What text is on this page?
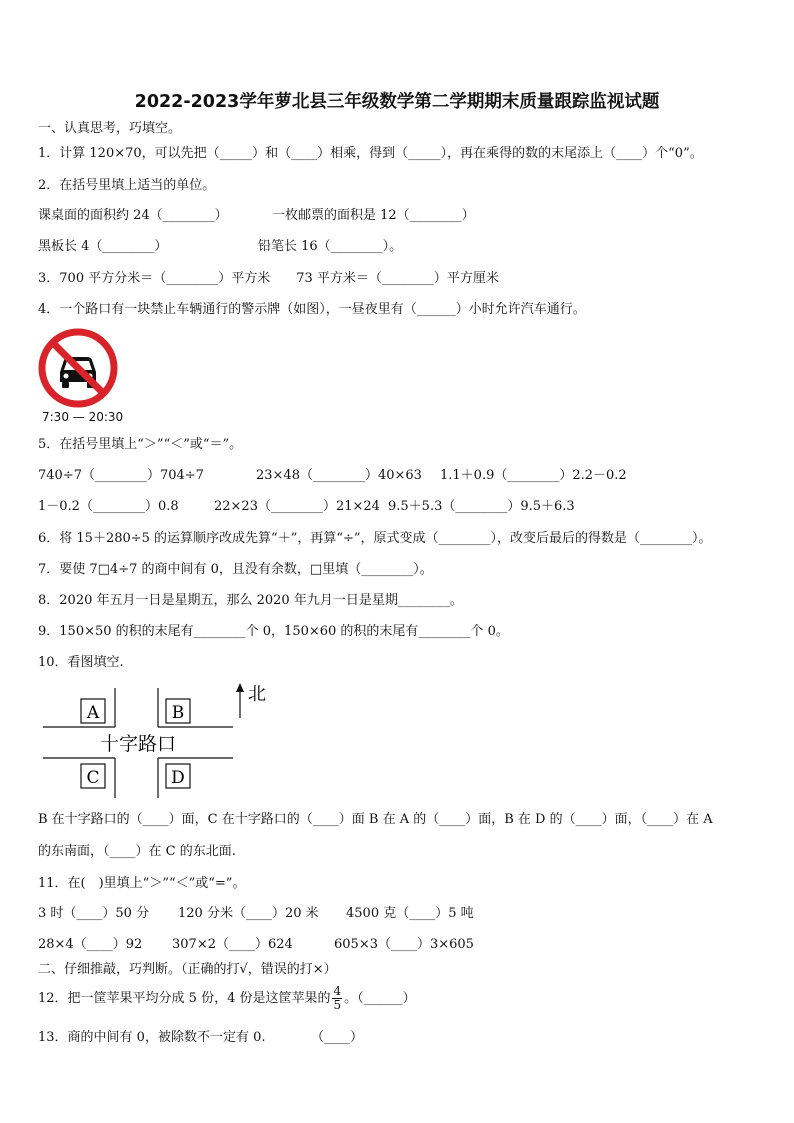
2022-2023学年萝北县三年级数学第二学期期末质量跟踪监视试题
一、认真思考，巧填空。
1．计算 120×70，可以先把（_____）和（____）相乘，得到（_____），再在乘得的数的末尾添上（____）个“0”。
2．在括号里填上适当的单位。
课桌面的面积约 24（________）	一枚邮票的面积是 12（________）
黑板长 4（________）	铅笔长 16（________）。
3．700 平方分米＝（________）平方米　　73 平方米＝（________）平方厘米
4．一个路口有一块禁止车辆通行的警示牌（如图），一昼夜里有（______）小时允许汽车通行。
7:30 — 20:30
5．在括号里填上“＞”“＜”或“＝”。
740÷7（________）704÷7	23×48（________）40×63 1.1＋0.9（________）2.2－0.2
1－0.2（________）0.8	22×23（________）21×24 9.5＋5.3（________）9.5＋6.3
6．将 15＋280÷5 的运算顺序改成先算“＋”，再算“÷”，原式变成（________），改变后最后的得数是（________）。
7．要使 7□4÷7 的商中间有 0，且没有余数，□里填（________）。
8．2020 年五月一日是星期五，那么 2020 年九月一日是星期________。
9．150×50 的积的末尾有________个 0，150×60 的积的末尾有________个 0。
10．看图填空.
A	B
C	D
十字路口
北
B 在十字路口的（____）面，C 在十字路口的（____）面 B 在 A 的（____）面，B 在 D 的（____）面，（____）在 A
的东南面，（____）在 C 的东北面.
11．在(　)里填上“＞”“＜”或“=”。
3 时（____）50 分 120 分米（____）20 米 4500 克（____）5 吨
28×4（____）92 307×2（____）624	605×3（____）3×605
二、仔细推敲，巧判断。（正确的打√，错误的打×）
12．把一筐苹果平均分成 5 份，4 份是这筐苹果的 $\frac{4}{5}$ 。（______）
13．商的中间有 0，被除数不一定有 0.　　　　（____）
